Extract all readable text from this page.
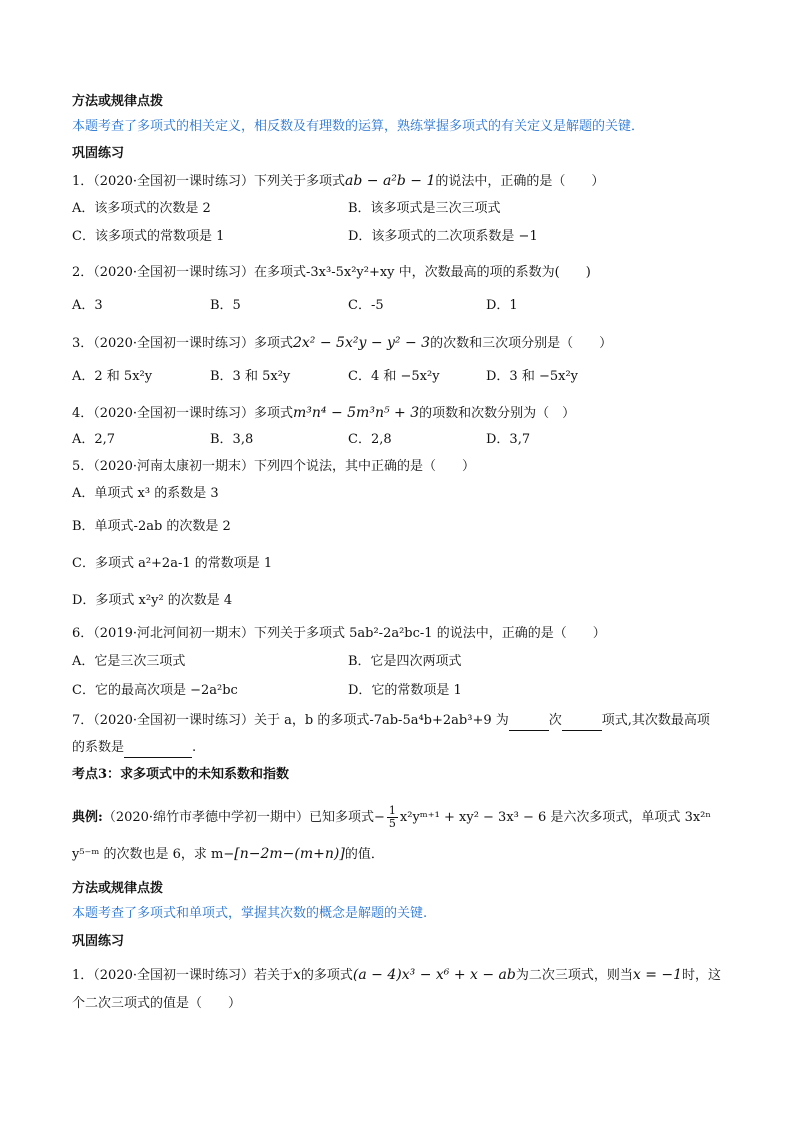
方法或规律点拨
本题考查了多项式的相关定义，相反数及有理数的运算，熟练掌握多项式的有关定义是解题的关键．
巩固练习
1．（2020·全国初一课时练习）下列关于多项式ab − a²b − 1的说法中，正确的是（　　）
A．该多项式的次数是 2	B．该多项式是三次三项式
C．该多项式的常数项是 1	D．该多项式的二次项系数是 −1
2．（2020·全国初一课时练习）在多项式-3x³-5x²y²+xy 中，次数最高的项的系数为(　　)
A．3	B．5	C．-5	D．1
3．（2020·全国初一课时练习）多项式2x² − 5x²y − y² − 3的次数和三次项分别是（　　）
A．2 和 5x²y	B．3 和 5x²y	C．4 和 −5x²y	D．3 和 −5x²y
4．（2020·全国初一课时练习）多项式m³n⁴ − 5m³n⁵ + 3的项数和次数分别为（　）
A．2,7	B．3,8	C．2,8	D．3,7
5．（2020·河南太康初一期末）下列四个说法，其中正确的是（　　）
A．单项式 x³ 的系数是 3
B．单项式-2ab 的次数是 2
C．多项式 a²+2a-1 的常数项是 1
D．多项式 x²y² 的次数是 4
6．（2019·河北河间初一期末）下列关于多项式 5ab²-2a²bc-1 的说法中，正确的是（　　）
A．它是三次三项式	B．它是四次两项式
C．它的最高次项是 −2a²bc	D．它的常数项是 1
7．（2020·全国初一课时练习）关于 a，b 的多项式-7ab-5a⁴b+2ab³+9 为	次	项式,其次数最高项
的系数是	.
考点3：求多项式中的未知系数和指数
典例:（2020·绵竹市孝德中学初一期中）已知多项式− $\frac{1}{5}$ x²yᵐ⁺¹ + xy² − 3x³ − 6 是六次多项式，单项式 3x²ⁿ
y⁵⁻ᵐ 的次数也是 6，求 m−[n−2m−(m+n)]的值．
方法或规律点拨
本题考查了多项式和单项式，掌握其次数的概念是解题的关键.
巩固练习
1．（2020·全国初一课时练习）若关于x的多项式(a − 4)x³ − x⁶ + x − ab为二次三项式，则当x = −1时，这
个二次三项式的值是（　　）
